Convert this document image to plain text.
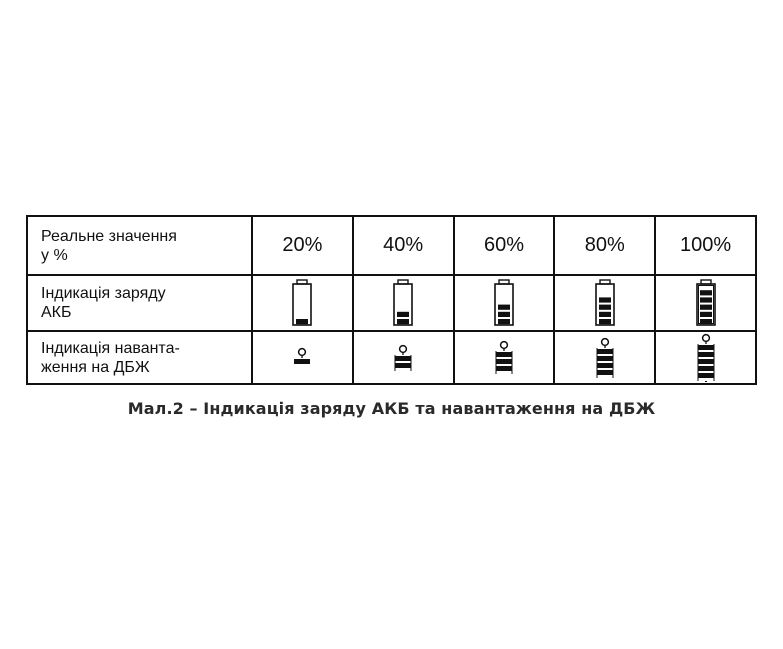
Реальне значення
у %	20%	40%	60%	80%	100%
Індикація заряду
АКБ					
Індикація наванта-
ження на ДБЖ					
Мал.2 – Індикація заряду АКБ та навантаження на ДБЖ
